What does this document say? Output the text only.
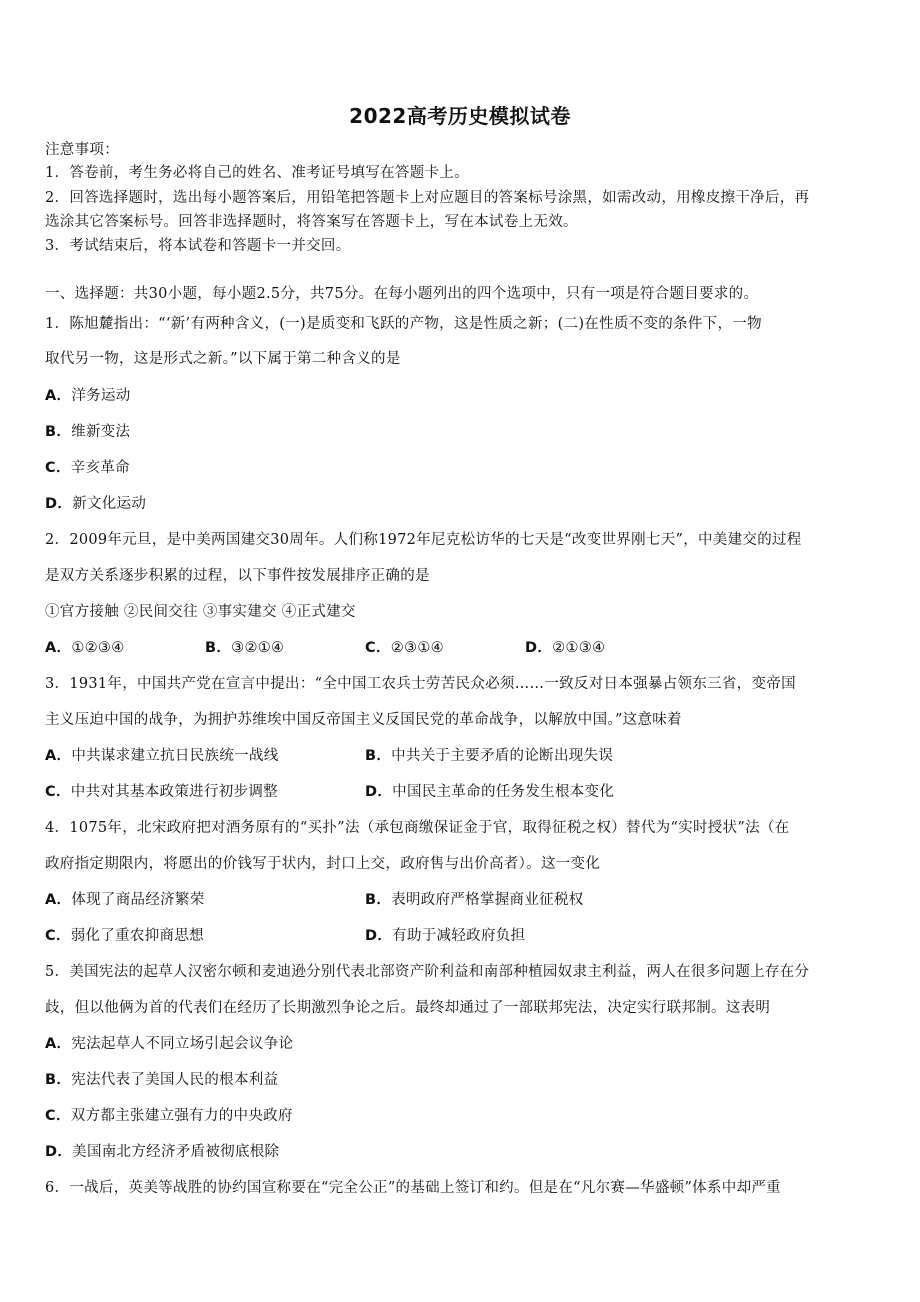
2022高考历史模拟试卷
注意事项：
1．答卷前，考生务必将自己的姓名、准考证号填写在答题卡上。
2．回答选择题时，选出每小题答案后，用铅笔把答题卡上对应题目的答案标号涂黑，如需改动，用橡皮擦干净后，再
选涂其它答案标号。回答非选择题时，将答案写在答题卡上，写在本试卷上无效。
3．考试结束后，将本试卷和答题卡一并交回。
一、选择题：共30小题，每小题2.5分，共75分。在每小题列出的四个选项中，只有一项是符合题目要求的。
1．陈旭麓指出：“‘新’有两种含义，(一)是质变和飞跃的产物，这是性质之新；(二)在性质不变的条件下，一物
取代另一物，这是形式之新。”以下属于第二种含义的是
A．洋务运动
B．维新变法
C．辛亥革命
D．新文化运动
2．2009年元旦，是中美两国建交30周年。人们称1972年尼克松访华的七天是“改变世界刚七天”，中美建交的过程
是双方关系逐步积累的过程，以下事件按发展排序正确的是
①官方接触 ②民间交往 ③事实建交 ④正式建交
A．①②③④	B．③②①④	C．②③①④	D．②①③④
3．1931年，中国共产党在宣言中提出：“全中国工农兵士劳苦民众必须……一致反对日本强暴占领东三省，变帝国
主义压迫中国的战争，为拥护苏维埃中国反帝国主义反国民党的革命战争，以解放中国。”这意味着
A．中共谋求建立抗日民族统一战线	B．中共关于主要矛盾的论断出现失误
C．中共对其基本政策进行初步调整	D．中国民主革命的任务发生根本变化
4．1075年，北宋政府把对酒务原有的“买扑”法（承包商缴保证金于官，取得征税之权）替代为“实时授状”法（在
政府指定期限内，将愿出的价钱写于状内，封口上交，政府售与出价高者）。这一变化
A．体现了商品经济繁荣	B．表明政府严格掌握商业征税权
C．弱化了重农抑商思想	D．有助于减轻政府负担
5．美国宪法的起草人汉密尔顿和麦迪逊分别代表北部资产阶利益和南部种植园奴隶主利益，两人在很多问题上存在分
歧，但以他俩为首的代表们在经历了长期激烈争论之后。最终却通过了一部联邦宪法，决定实行联邦制。这表明
A．宪法起草人不同立场引起会议争论
B．宪法代表了美国人民的根本利益
C．双方都主张建立强有力的中央政府
D．美国南北方经济矛盾被彻底根除
6．一战后，英美等战胜的协约国宣称要在“完全公正”的基础上签订和约。但是在“凡尔赛—华盛顿”体系中却严重
